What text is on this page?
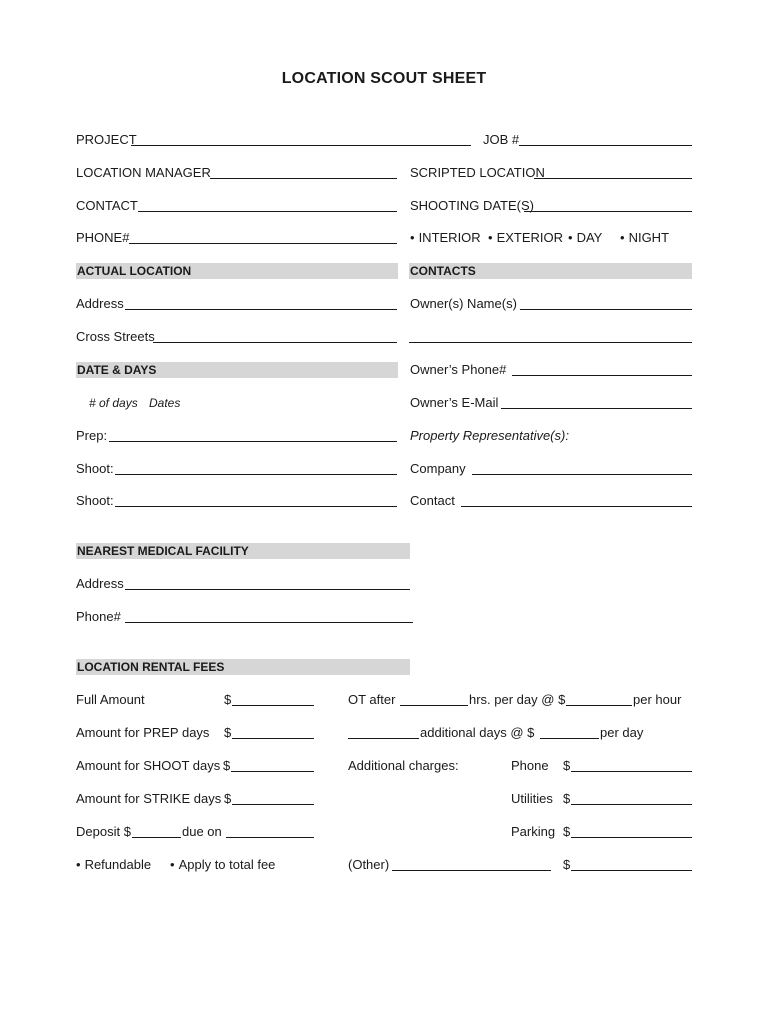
LOCATION SCOUT SHEET
PROJECT	JOB #
LOCATION MANAGER	SCRIPTED LOCATION
CONTACT	SHOOTING DATE(S)
PHONE#	• INTERIOR • EXTERIOR • DAY • NIGHT
ACTUAL LOCATION	CONTACTS
Address	Owner(s) Name(s)
Cross Streets
DATE & DAYS	Owner’s Phone#
# of days Dates	Owner’s E-Mail
Prep:	Property Representative(s):
Shoot:	Company
Shoot:	Contact
NEAREST MEDICAL FACILITY
Address
Phone#
LOCATION RENTAL FEES
Full Amount	$	OT after	hrs. per day @ $	per hour
Amount for PREP days $	additional days @ $	per day
Amount for SHOOT days $	Additional charges:	Phone $
Amount for STRIKE days $	Utilities $
Deposit $	due on	Parking $
• Refundable • Apply to total fee	(Other)	$
